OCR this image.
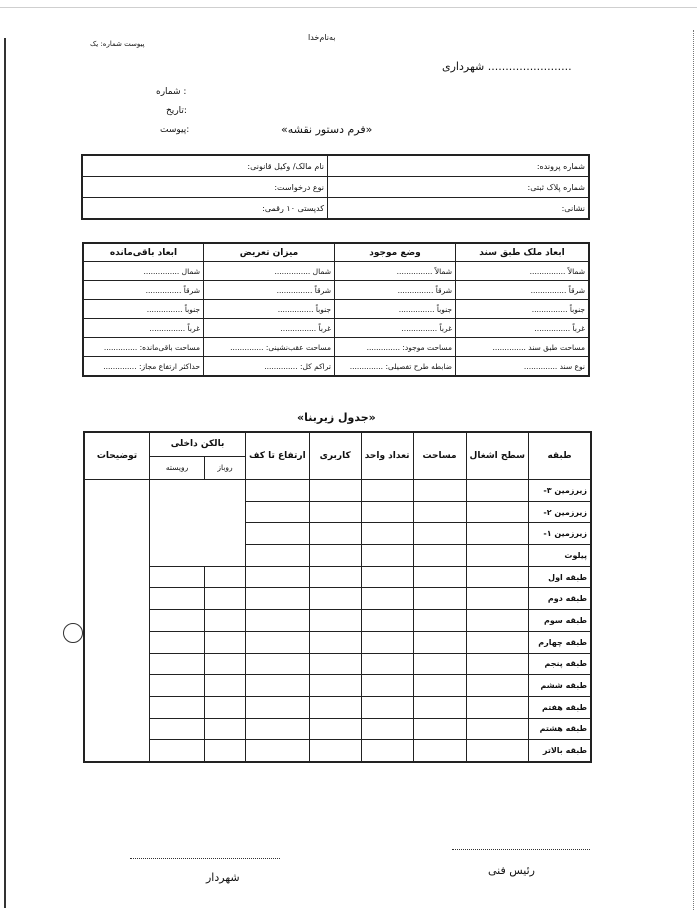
به‌نام‌خدا
پیوست شماره: یک
شهرداری ........................
شماره :
تاریخ:
پیوست:	«فرم دستور نقشه»
شماره پرونده:	نام مالک/ وکیل قانونی:
شماره پلاک ثبتی:	نوع درخواست:
نشانی:	کدپستی ۱۰ رقمی:
ابعاد ملک طبق سند	وضع موجود	میزان تعریض	ابعاد باقی‌مانده
شمالاً ...............	شمالاً ...............	شمال ...............	شمال ...............
شرقاً ...............	شرقاً ...............	شرقاً ...............	شرقاً ...............
جنوباً ...............	جنوباً ...............	جنوباً ...............	جنوباً ...............
غرباً ...............	غرباً ...............	غرباً ...............	غرباً ...............
مساحت طبق سند ..............	مساحت موجود: ..............	مساحت عقب‌نشینی: ..............	مساحت باقی‌مانده: ..............
نوع سند ..............	ضابطه طرح تفصیلی: ..............	تراکم کل: ..............	حداکثر ارتفاع مجاز: ..............
«جدول زیربنا»
طبقه	سطح اشغال	مساحت	تعداد واحد	کاربری	ارتفاع تا کف	بالکن داخلی		توضیحات
						روباز	رویسته	
زیرزمین ۳-								
زیرزمین ۲-								
زیرزمین ۱-								
پیلوت								
طبقه اول								
طبقه دوم								
طبقه سوم								
طبقه چهارم								
طبقه پنجم								
طبقه ششم								
طبقه هفتم								
طبقه هشتم								
طبقه بالاتر								
رئیس فنی
شهردار
